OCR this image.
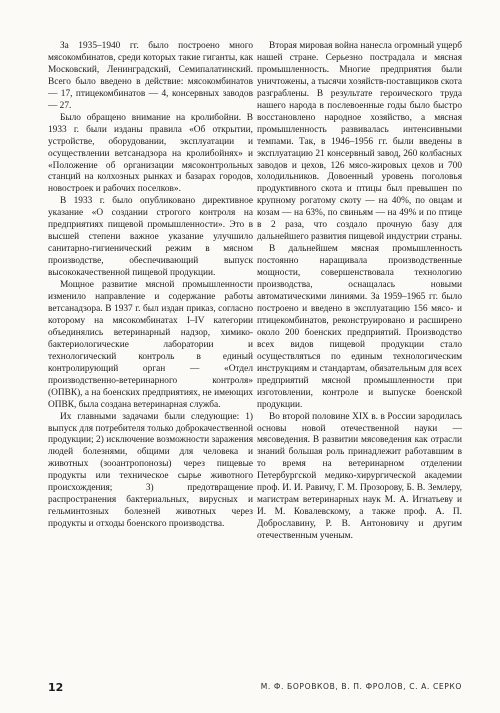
За 1935–1940 гг. было построено много мясокомбинатов, среди которых такие гиганты, как Московский, Ленинградский, Семипалатинский. Всего было введено в действие: мясокомбинатов — 17, птицекомбинатов — 4, консервных заводов — 27.

Было обращено внимание на кролибойни. В 1933 г. были изданы правила «Об открытии, устройстве, оборудовании, эксплуатации и осуществлении ветсанадзора на кролибойнях» и «Положение об организации мясоконтрольных станций на колхозных рынках и базарах городов, новостроек и рабочих поселков».

В 1933 г. было опубликовано директивное указание «О создании строгого контроля на предприятиях пищевой промышленности». Это в высшей степени важное указание улучшило санитарно-гигиенический режим в мясном производстве, обеспечивающий выпуск высококачественной пищевой продукции.

Мощное развитие мясной промышленности изменило направление и содержание работы ветсанадзора. В 1937 г. был издан приказ, согласно которому на мясокомбинатах I–IV категории объединялись ветеринарный надзор, химико-бактериологические лаборатории и технологический контроль в единый контролирующий орган — «Отдел производственно-ветеринарного контроля» (ОПВК), а на боенских предприятиях, не имеющих ОПВК, была создана ветеринарная служба.

Их главными задачами были следующие: 1) выпуск для потребителя только доброкачественной продукции; 2) исключение возможности заражения людей болезнями, общими для человека и животных (зооантропонозы) через пищевые продукты или техническое сырье животного происхождения; 3) предотвращение распространения бактериальных, вирусных и гельминтозных болезней животных через продукты и отходы боенского производства.

Вторая мировая война нанесла огромный ущерб нашей стране. Серьезно пострадала и мясная промышленность. Многие предприятия были уничтожены, а тысячи хозяйств-поставщиков скота разграблены. В результате героического труда нашего народа в послевоенные годы было быстро восстановлено народное хозяйство, а мясная промышленность развивалась интенсивными темпами. Так, в 1946–1956 гг. были введены в эксплуатацию 21 консервный завод, 260 колбасных заводов и цехов, 126 мясо-жировых цехов и 700 холодильников. Довоенный уровень поголовья продуктивного скота и птицы был превышен по крупному рогатому скоту — на 40%, по овцам и козам — на 63%, по свиньям — на 49% и по птице в 2 раза, что создало прочную базу для дальнейшего развития пищевой индустрии страны.

В дальнейшем мясная промышленность постоянно наращивала производственные мощности, совершенствовала технологию производства, оснащалась новыми автоматическими линиями. За 1959–1965 гг. было построено и введено в эксплуатацию 156 мясо- и птицекомбинатов, реконструировано и расширено около 200 боенских предприятий. Производство всех видов пищевой продукции стало осуществляться по единым технологическим инструкциям и стандартам, обязательным для всех предприятий мясной промышленности при изготовлении, контроле и выпуске боенской продукции.

Во второй половине XIX в. в России зародилась основы новой отечественной науки — мясоведения. В развитии мясоведения как отрасли знаний большая роль принадлежит работавшим в то время на ветеринарном отделении Петербургской медико-хирургической академии проф. И. И. Равичу, Г. М. Прозорову, Б. В. Землеру, магистрам ветеринарных наук М. А. Игнатьеву и И. М. Ковалевскому, а также проф. А. П. Доброславину, Р. В. Антоновичу и другим отечественным ученым.

12	М. Ф. БОРОВКОВ, В. П. ФРОЛОВ, С. А. СЕРКО
